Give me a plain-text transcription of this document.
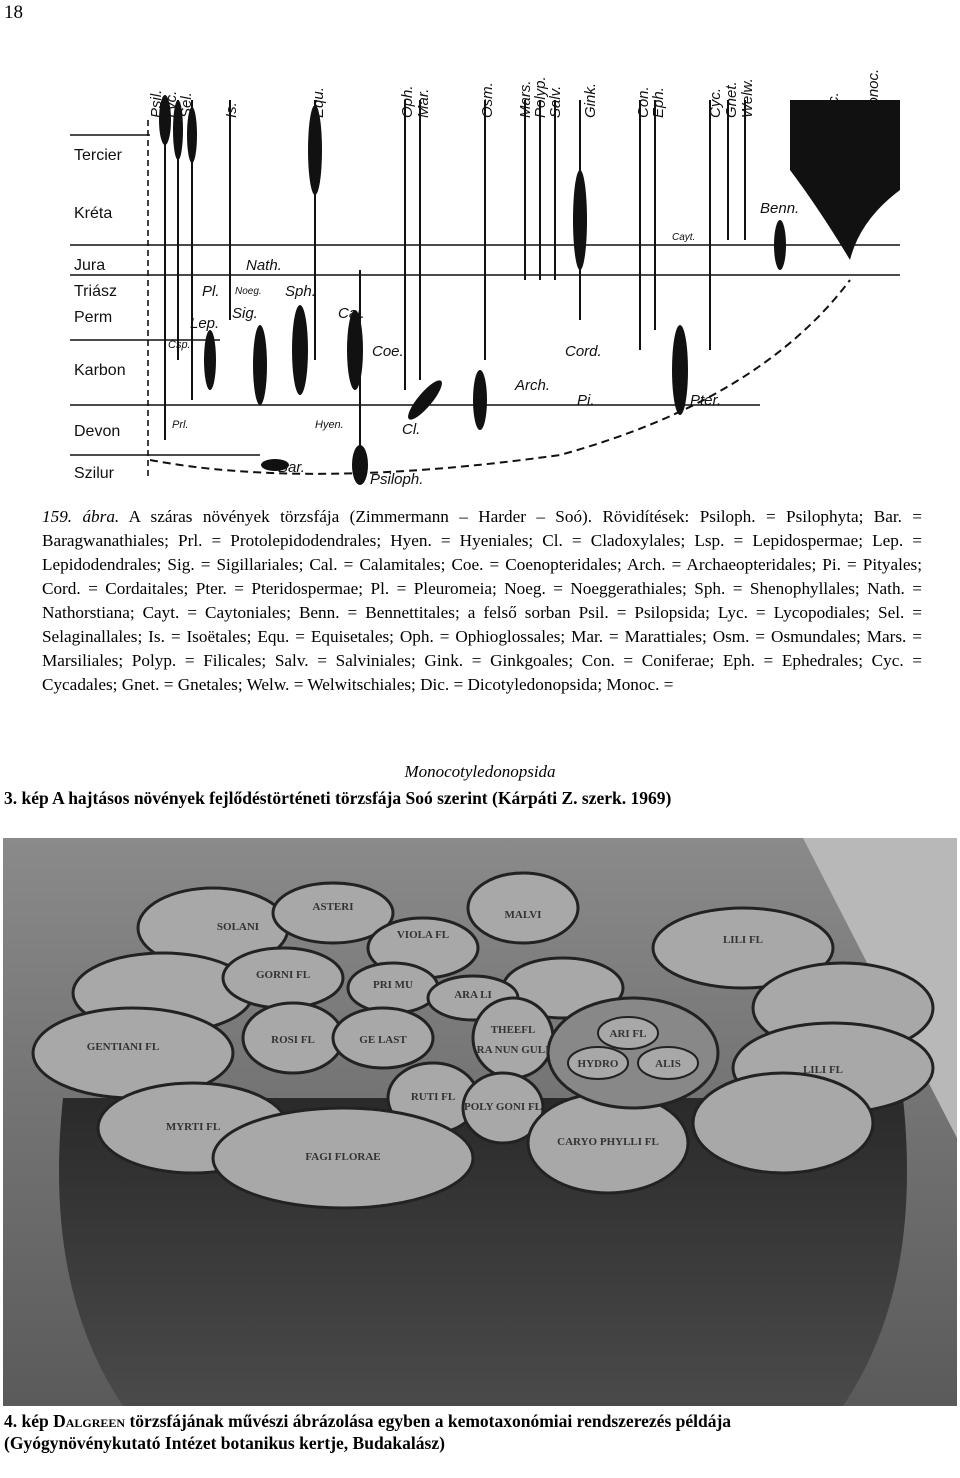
18
Tercier
Kréta
Jura
Triász
Perm
Karbon
Devon
Szilur
Psil.
Lyc.
Sel. Is.	Equ.	Oph. Mar.	Osm. Mars.
Polyp.
Salv. Gink. Con.
Eph.	Cyc. Gnet. Welw.	Dic. Monoc.
Nath.
Pl. Noeg. Sph.
Lep.
Sig.	Cal.
Csp.	Coe.
Arch.
Cord.
Pi.	Pter.
Prl.	Hyen.	Cl.
Bar.
Psiloph.
Benn.
Cayt.
159. ábra. A száras növények törzsfája (Zimmermann – Harder – Soó). Rövidítések: Psiloph. = Psilophyta; Bar. = Baragwanathiales; Prl. = Protolepidodendrales; Hyen. = Hyeniales; Cl. = Cladoxylales; Lsp. = Lepidospermae; Lep. = Lepidodendrales; Sig. = Sigillariales; Cal. = Calamitales; Coe. = Coenopteridales; Arch. = Archaeopteridales; Pi. = Pityales; Cord. = Cordaitales; Pter. = Pteridospermae; Pl. = Pleuromeia; Noeg. = Noeggerathiales; Sph. = Shenophyllales; Nath. = Nathorstiana; Cayt. = Caytoniales; Benn. = Bennettitales; a felső sorban Psil. = Psilopsida; Lyc. = Lycopodiales; Sel. = Selaginallales; Is. = Isoëtales; Equ. = Equisetales; Oph. = Ophioglossales; Mar. = Marattiales; Osm. = Osmundales; Mars. = Marsiliales; Polyp. = Filicales; Salv. = Salviniales; Gink. = Ginkgoales; Con. = Coniferae; Eph. = Ephedrales; Cyc. = Cycadales; Gnet. = Gnetales; Welw. = Welwitschiales; Dic. = Dicotyledonopsida; Monoc. =
Monocotyledonopsida
3. kép A hajtásos növények fejlődéstörténeti törzsfája Soó szerint (Kárpáti Z. szerk. 1969)
SOLANI
ASTERI
MALVI
GORNI FL
VIOLA FL
PRI MU
LILI FL
ARA LI
GENTIANI FL
ROSI FL	GE LAST
THEEFL
RA NUN GULI
ARI FL
HYDRO	ALIS
RUTI FL
POLY GONI FL
MYRTI FL
FAGI FLORAE
CARYO PHYLLI FL
LILI FL
4. kép Dalgreen törzsfájának művészi ábrázolása egyben a kemotaxonómiai rendszerezés példája
(Gyógynövénykutató Intézet botanikus kertje, Budakalász)
